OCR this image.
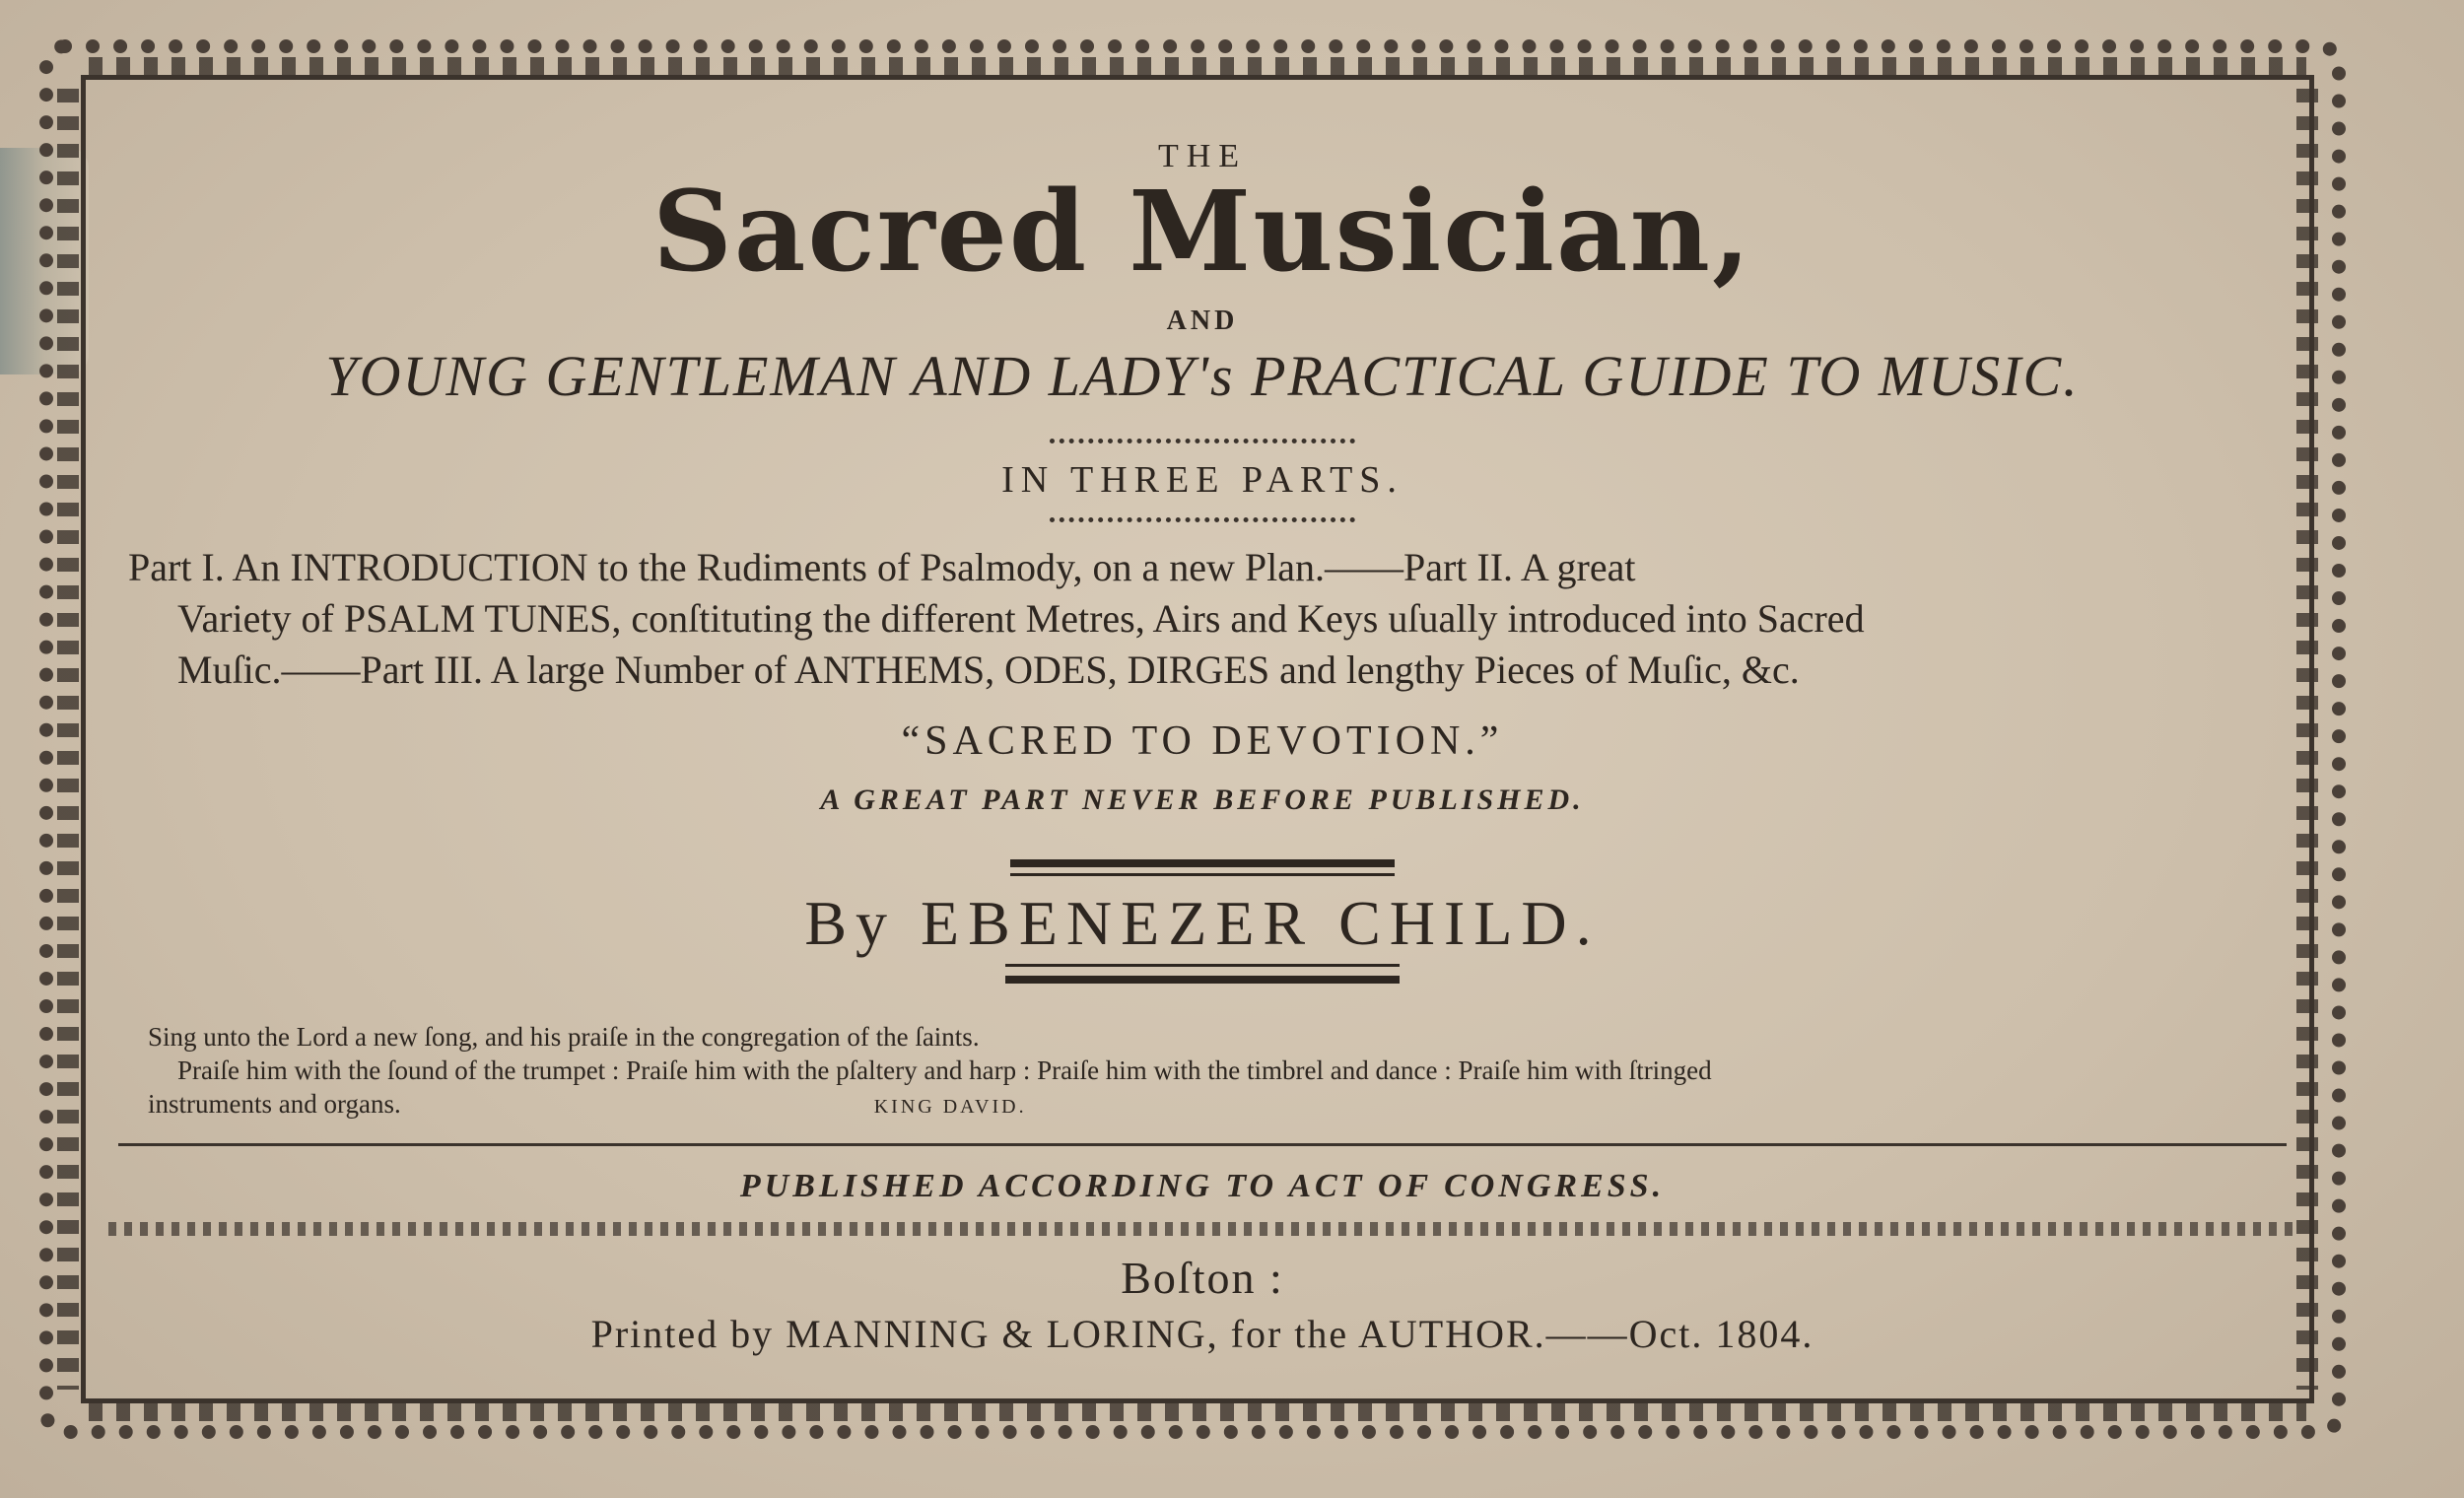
THE

Sacred Musician,

AND

YOUNG GENTLEMAN AND LADY's PRACTICAL GUIDE TO MUSIC.

IN THREE PARTS.

Part I. An INTRODUCTION to the Rudiments of Psalmody, on a new Plan.——Part II. A great
Variety of PSALM TUNES, conſtituting the different Metres, Airs and Keys uſually introduced into Sacred
Muſic.——Part III. A large Number of ANTHEMS, ODES, DIRGES and lengthy Pieces of Muſic, &c.

“SACRED TO DEVOTION.”

A GREAT PART NEVER BEFORE PUBLISHED.

By EBENEZER CHILD.

Sing unto the Lord a new ſong, and his praiſe in the congregation of the ſaints.
Praiſe him with the ſound of the trumpet : Praiſe him with the pſaltery and harp : Praiſe him with the timbrel and dance : Praiſe him with ſtringed
instruments and organs.	KING DAVID.

PUBLISHED ACCORDING TO ACT OF CONGRESS.

Boſton :

Printed by MANNING & LORING, for the AUTHOR.——Oct. 1804.
